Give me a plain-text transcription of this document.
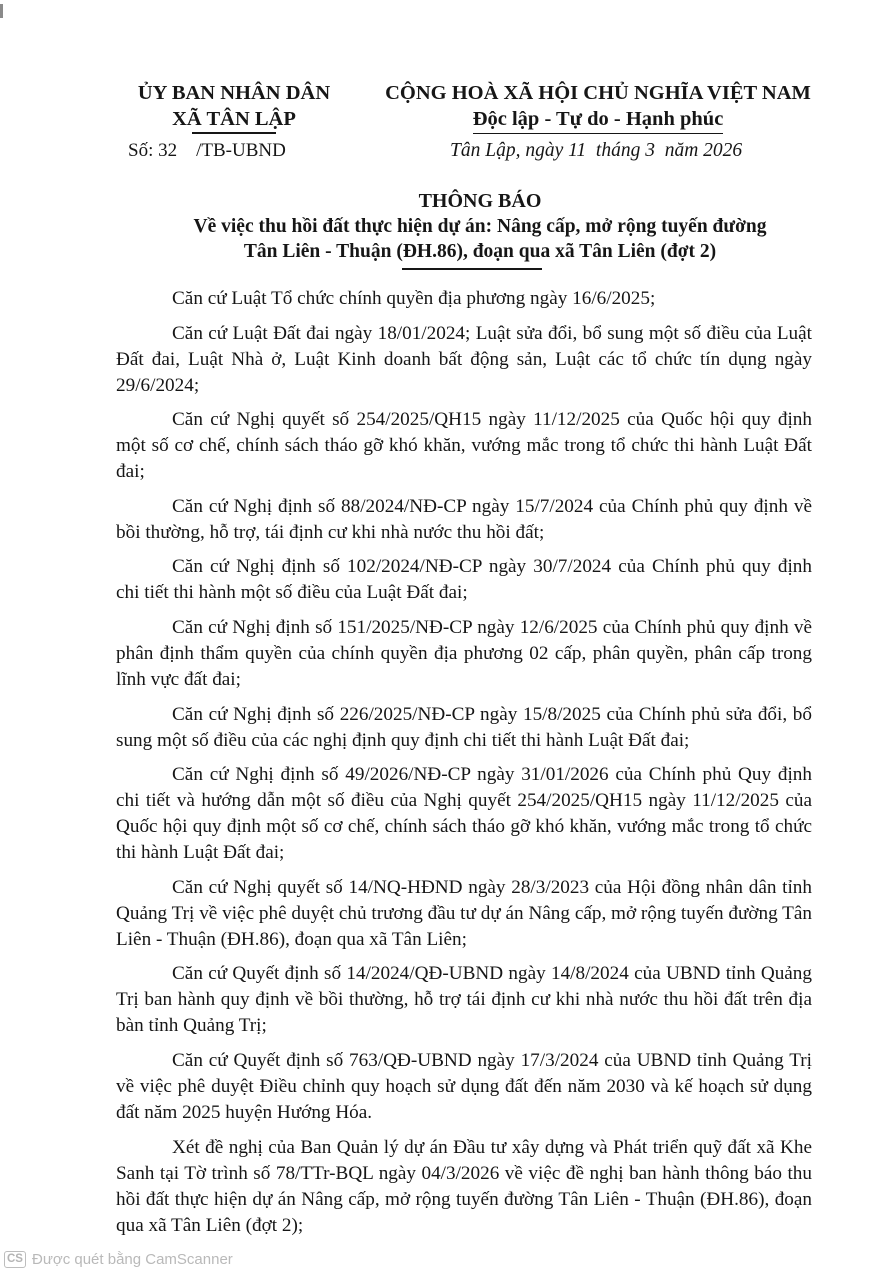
ỦY BAN NHÂN DÂN
XÃ TÂN LẬP
CỘNG HOÀ XÃ HỘI CHỦ NGHĨA VIỆT NAM
Độc lập - Tự do - Hạnh phúc
Số: 32    /TB-UBND	Tân Lập, ngày 11  tháng 3  năm 2026
THÔNG BÁO
Về việc thu hồi đất thực hiện dự án: Nâng cấp, mở rộng tuyến đường
Tân Liên - Thuận (ĐH.86), đoạn qua xã Tân Liên (đợt 2)

Căn cứ Luật Tổ chức chính quyền địa phương ngày 16/6/2025;

Căn cứ Luật Đất đai ngày 18/01/2024; Luật sửa đổi, bổ sung một số điều của Luật Đất đai, Luật Nhà ở, Luật Kinh doanh bất động sản, Luật các tổ chức tín dụng ngày 29/6/2024;

Căn cứ Nghị quyết số 254/2025/QH15 ngày 11/12/2025 của Quốc hội quy định một số cơ chế, chính sách tháo gỡ khó khăn, vướng mắc trong tổ chức thi hành Luật Đất đai;

Căn cứ Nghị định số 88/2024/NĐ-CP ngày 15/7/2024 của Chính phủ quy định về bồi thường, hỗ trợ, tái định cư khi nhà nước thu hồi đất;

Căn cứ Nghị định số 102/2024/NĐ-CP ngày 30/7/2024 của Chính phủ quy định chi tiết thi hành một số điều của Luật Đất đai;

Căn cứ Nghị định số 151/2025/NĐ-CP ngày 12/6/2025 của Chính phủ quy định về phân định thẩm quyền của chính quyền địa phương 02 cấp, phân quyền, phân cấp trong lĩnh vực đất đai;

Căn cứ Nghị định số 226/2025/NĐ-CP ngày 15/8/2025 của Chính phủ sửa đổi, bổ sung một số điều của các nghị định quy định chi tiết thi hành Luật Đất đai;

Căn cứ Nghị định số 49/2026/NĐ-CP ngày 31/01/2026 của Chính phủ Quy định chi tiết và hướng dẫn một số điều của Nghị quyết 254/2025/QH15 ngày 11/12/2025 của Quốc hội quy định một số cơ chế, chính sách tháo gỡ khó khăn, vướng mắc trong tổ chức thi hành Luật Đất đai;

Căn cứ Nghị quyết số 14/NQ-HĐND ngày 28/3/2023 của Hội đồng nhân dân tỉnh Quảng Trị về việc phê duyệt chủ trương đầu tư dự án Nâng cấp, mở rộng tuyến đường Tân Liên - Thuận (ĐH.86), đoạn qua xã Tân Liên;

Căn cứ Quyết định số 14/2024/QĐ-UBND ngày 14/8/2024 của UBND tỉnh Quảng Trị ban hành quy định về bồi thường, hỗ trợ tái định cư khi nhà nước thu hồi đất trên địa bàn tỉnh Quảng Trị;

Căn cứ Quyết định số 763/QĐ-UBND ngày 17/3/2024 của UBND tỉnh Quảng Trị về việc phê duyệt Điều chỉnh quy hoạch sử dụng đất đến năm 2030 và kế hoạch sử dụng đất năm 2025 huyện Hướng Hóa.

Xét đề nghị của Ban Quản lý dự án Đầu tư xây dựng và Phát triển quỹ đất xã Khe Sanh tại Tờ trình số 78/TTr-BQL ngày 04/3/2026 về việc đề nghị ban hành thông báo thu hồi đất thực hiện dự án Nâng cấp, mở rộng tuyến đường Tân Liên - Thuận (ĐH.86), đoạn qua xã Tân Liên (đợt 2);

CS Được quét bằng CamScanner
